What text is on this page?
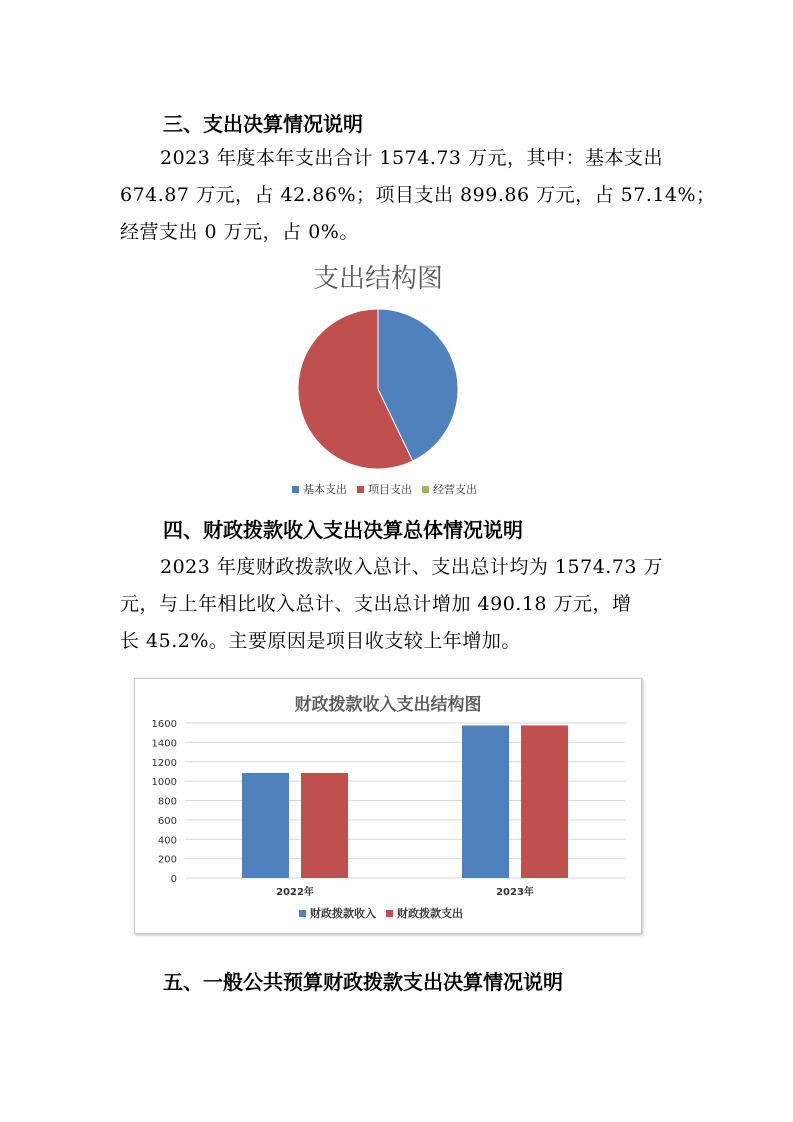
三、支出决算情况说明

2023 年度本年支出合计 1574.73 万元，其中：基本支出

674.87 万元，占 42.86%；项目支出 899.86 万元，占 57.14%；

经营支出 0 万元，占 0%。

支出结构图
基本支出 项目支出 经营支出
四、财政拨款收入支出决算总体情况说明

2023 年度财政拨款收入总计、支出总计均为 1574.73 万

元，与上年相比收入总计、支出总计增加 490.18 万元，增

长 45.2%。主要原因是项目收支较上年增加。

财政拨款收入支出结构图
0
200
400
600
800
1000
1200
1400
1600
2022年	2023年
财政拨款收入 财政拨款支出
五、一般公共预算财政拨款支出决算情况说明
